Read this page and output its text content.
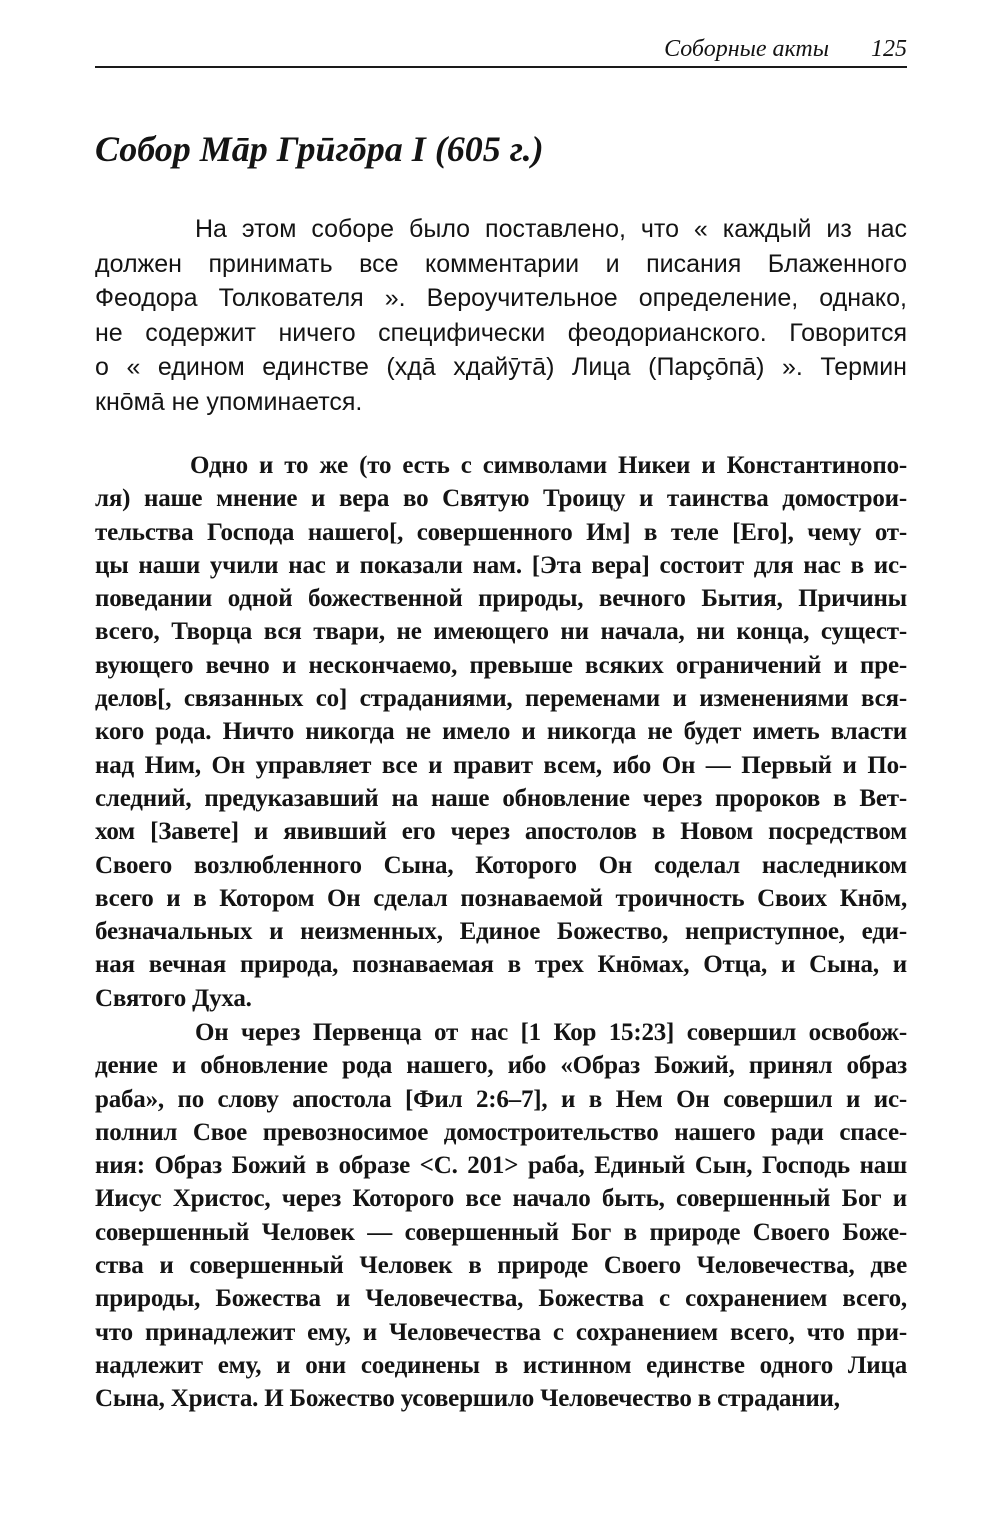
Соборные акты 125
Собор Мāр Грūгōра I (605 г.)
На этом соборе было поставлено, что « каждый из нас
должен принимать все комментарии и писания Блаженного
Феодора Толкователя ». Вероучительное определение, однако,
не содержит ничего специфически феодорианского. Говорится
о « едином единстве (хдā хдайӯтā) Лица (Парçōпā) ». Термин
кнōмā не упоминается.
Одно и то же (то есть с символами Никеи и Константинопо-
ля) наше мнение и вера во Святую Троицу и таинства домострои-
тельства Господа нашего[, совершенного Им] в теле [Его], чему от-
цы наши учили нас и показали нам. [Эта вера] состоит для нас в ис-
поведании одной божественной природы, вечного Бытия, Причины
всего, Творца вся твари, не имеющего ни начала, ни конца, сущест-
вующего вечно и нескончаемо, превыше всяких ограничений и пре-
делов[, связанных со] страданиями, переменами и изменениями вся-
кого рода. Ничто никогда не имело и никогда не будет иметь власти
над Ним, Он управляет все и правит всем, ибо Он — Первый и По-
следний, предуказавший на наше обновление через пророков в Вет-
хом [Завете] и явивший его через апостолов в Новом посредством
Своего возлюбленного Сына, Которого Он соделал наследником
всего и в Котором Он сделал познаваемой троичность Своих Кнōм,
безначальных и неизменных, Единое Божество, неприступное, еди-
ная вечная природа, познаваемая в трех Кнōмах, Отца, и Сына, и
Святого Духа.
Он через Первенца от нас [1 Кор 15:23] совершил освобож-
дение и обновление рода нашего, ибо «Образ Божий, принял образ
раба», по слову апостола [Фил 2:6–7], и в Нем Он совершил и ис-
полнил Свое превозносимое домостроительство нашего ради спасе-
ния: Образ Божий в образе <С. 201> раба, Единый Сын, Господь наш
Иисус Христос, через Которого все начало быть, совершенный Бог и
совершенный Человек — совершенный Бог в природе Своего Боже-
ства и совершенный Человек в природе Своего Человечества, две
природы, Божества и Человечества, Божества с сохранением всего,
что принадлежит ему, и Человечества с сохранением всего, что при-
надлежит ему, и они соединены в истинном единстве одного Лица
Сына, Христа. И Божество усовершило Человечество в страдании,
